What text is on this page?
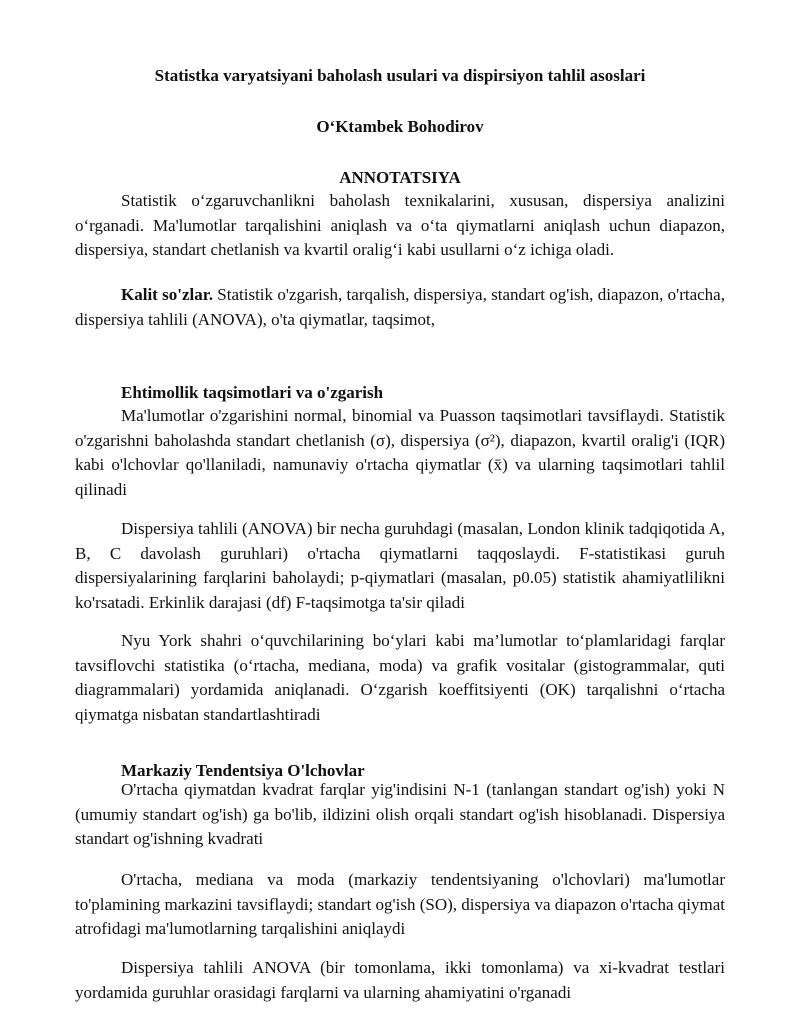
Statistka varyatsiyani baholash usulari va dispirsiyon tahlil asoslari
O‘Ktambek Bohodirov
ANNOTATSIYA

Statistik o‘zgaruvchanlikni baholash texnikalarini, xususan, dispersiya analizini o‘rganadi. Ma'lumotlar tarqalishini aniqlash va o‘ta qiymatlarni aniqlash uchun diapazon, dispersiya, standart chetlanish va kvartil oralig‘i kabi usullarni o‘z ichiga oladi.

Kalit so'zlar. Statistik o'zgarish, tarqalish, dispersiya, standart og'ish, diapazon, o'rtacha, dispersiya tahlili (ANOVA), o'ta qiymatlar, taqsimot,

Ehtimollik taqsimotlari va o'zgarish

Ma'lumotlar o'zgarishini normal, binomial va Puasson taqsimotlari tavsiflaydi. Statistik o'zgarishni baholashda standart chetlanish (σ), dispersiya (σ²), diapazon, kvartil oralig'i (IQR) kabi o'lchovlar qo'llaniladi, namunaviy o'rtacha qiymatlar (x̄) va ularning taqsimotlari tahlil qilinadi

Dispersiya tahlili (ANOVA) bir necha guruhdagi (masalan, London klinik tadqiqotida A, B, C davolash guruhlari) o'rtacha qiymatlarni taqqoslaydi. F-statistikasi guruh dispersiyalarining farqlarini baholaydi; p-qiymatlari (masalan, p0.05) statistik ahamiyatlilikni ko'rsatadi. Erkinlik darajasi (df) F-taqsimotga ta'sir qiladi

Nyu York shahri o‘quvchilarining bo‘ylari kabi ma’lumotlar to‘plamlaridagi farqlar tavsiflovchi statistika (o‘rtacha, mediana, moda) va grafik vositalar (gistogrammalar, quti diagrammalari) yordamida aniqlanadi. O‘zgarish koeffitsiyenti (OK) tarqalishni o‘rtacha qiymatga nisbatan standartlashtiradi

Markaziy Tendentsiya O'lchovlar

O'rtacha qiymatdan kvadrat farqlar yig'indisini N-1 (tanlangan standart og'ish) yoki N (umumiy standart og'ish) ga bo'lib, ildizini olish orqali standart og'ish hisoblanadi. Dispersiya standart og'ishning kvadrati

O'rtacha, mediana va moda (markaziy tendentsiyaning o'lchovlari) ma'lumotlar to'plamining markazini tavsiflaydi; standart og'ish (SO), dispersiya va diapazon o'rtacha qiymat atrofidagi ma'lumotlarning tarqalishini aniqlaydi

Dispersiya tahlili ANOVA (bir tomonlama, ikki tomonlama) va xi-kvadrat testlari yordamida guruhlar orasidagi farqlarni va ularning ahamiyatini o'rganadi
